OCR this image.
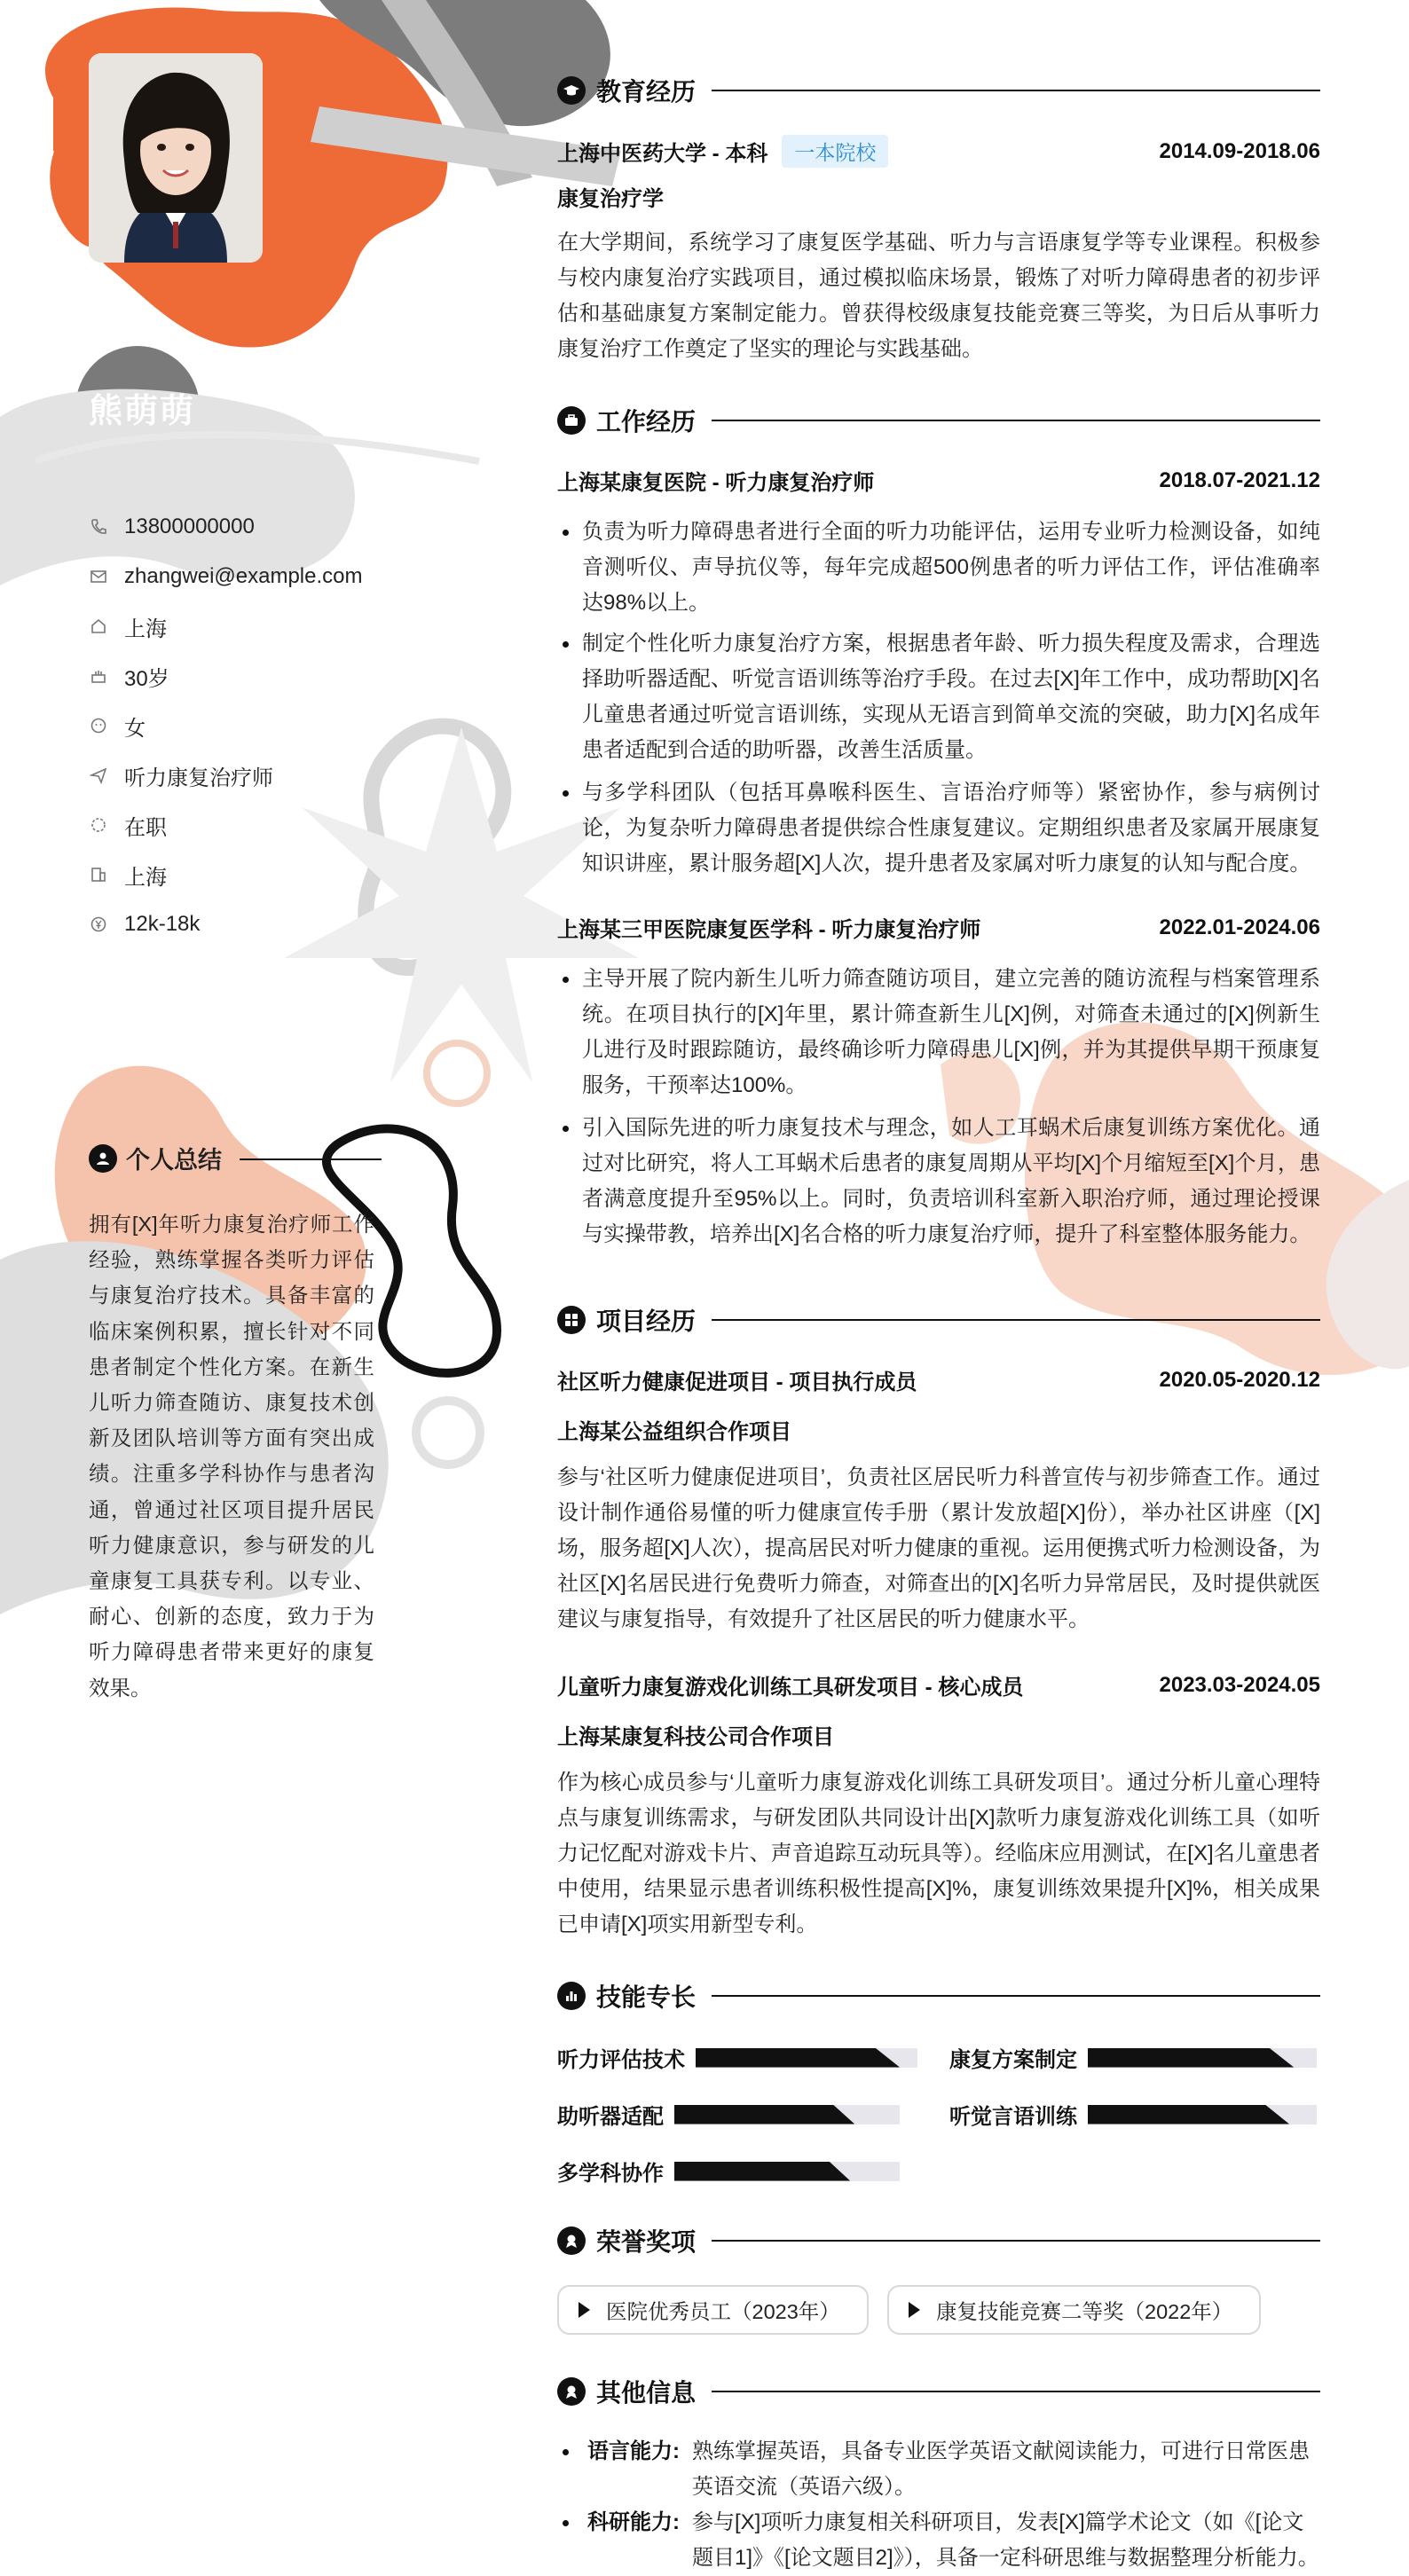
熊萌萌
13800000000
zhangwei@example.com
上海
30岁
女
听力康复治疗师
在职
上海
12k-18k
个人总结
拥有[X]年听力康复治疗师工作经验，熟练掌握各类听力评估与康复治疗技术。具备丰富的临床案例积累，擅长针对不同患者制定个性化方案。在新生儿听力筛查随访、康复技术创新及团队培训等方面有突出成绩。注重多学科协作与患者沟通，曾通过社区项目提升居民听力健康意识，参与研发的儿童康复工具获专利。以专业、耐心、创新的态度，致力于为听力障碍患者带来更好的康复效果。
教育经历
上海中医药大学 - 本科	一本院校	2014.09-2018.06
康复治疗学
在大学期间，系统学习了康复医学基础、听力与言语康复学等专业课程。积极参与校内康复治疗实践项目，通过模拟临床场景，锻炼了对听力障碍患者的初步评估和基础康复方案制定能力。曾获得校级康复技能竞赛三等奖，为日后从事听力康复治疗工作奠定了坚实的理论与实践基础。
工作经历
上海某康复医院 - 听力康复治疗师	2018.07-2021.12
负责为听力障碍患者进行全面的听力功能评估，运用专业听力检测设备，如纯音测听仪、声导抗仪等，每年完成超500例患者的听力评估工作，评估准确率达98%以上。
制定个性化听力康复治疗方案，根据患者年龄、听力损失程度及需求，合理选择助听器适配、听觉言语训练等治疗手段。在过去[X]年工作中，成功帮助[X]名儿童患者通过听觉言语训练，实现从无语言到简单交流的突破，助力[X]名成年患者适配到合适的助听器，改善生活质量。
与多学科团队（包括耳鼻喉科医生、言语治疗师等）紧密协作，参与病例讨论，为复杂听力障碍患者提供综合性康复建议。定期组织患者及家属开展康复知识讲座，累计服务超[X]人次，提升患者及家属对听力康复的认知与配合度。
上海某三甲医院康复医学科 - 听力康复治疗师	2022.01-2024.06
主导开展了院内新生儿听力筛查随访项目，建立完善的随访流程与档案管理系统。在项目执行的[X]年里，累计筛查新生儿[X]例，对筛查未通过的[X]例新生儿进行及时跟踪随访，最终确诊听力障碍患儿[X]例，并为其提供早期干预康复服务，干预率达100%。
引入国际先进的听力康复技术与理念，如人工耳蜗术后康复训练方案优化。通过对比研究，将人工耳蜗术后患者的康复周期从平均[X]个月缩短至[X]个月，患者满意度提升至95%以上。同时，负责培训科室新入职治疗师，通过理论授课与实操带教，培养出[X]名合格的听力康复治疗师，提升了科室整体服务能力。
项目经历
社区听力健康促进项目 - 项目执行成员	2020.05-2020.12
上海某公益组织合作项目
参与‘社区听力健康促进项目’，负责社区居民听力科普宣传与初步筛查工作。通过设计制作通俗易懂的听力健康宣传手册（累计发放超[X]份），举办社区讲座（[X]场，服务超[X]人次），提高居民对听力健康的重视。运用便携式听力检测设备，为社区[X]名居民进行免费听力筛查，对筛查出的[X]名听力异常居民，及时提供就医建议与康复指导，有效提升了社区居民的听力健康水平。
儿童听力康复游戏化训练工具研发项目 - 核心成员	2023.03-2024.05
上海某康复科技公司合作项目
作为核心成员参与‘儿童听力康复游戏化训练工具研发项目’。通过分析儿童心理特点与康复训练需求，与研发团队共同设计出[X]款听力康复游戏化训练工具（如听力记忆配对游戏卡片、声音追踪互动玩具等）。经临床应用测试，在[X]名儿童患者中使用，结果显示患者训练积极性提高[X]%，康复训练效果提升[X]%，相关成果已申请[X]项实用新型专利。
技能专长
听力评估技术	康复方案制定
助听器适配	听觉言语训练
多学科协作
荣誉奖项
医院优秀员工（2023年）	康复技能竞赛二等奖（2022年）
其他信息
语言能力: 熟练掌握英语，具备专业医学英语文献阅读能力，可进行日常医患英语交流（英语六级）。
科研能力: 参与[X]项听力康复相关科研项目，发表[X]篇学术论文（如《[论文题目1]》《[论文题目2]》），具备一定科研思维与数据整理分析能力。
